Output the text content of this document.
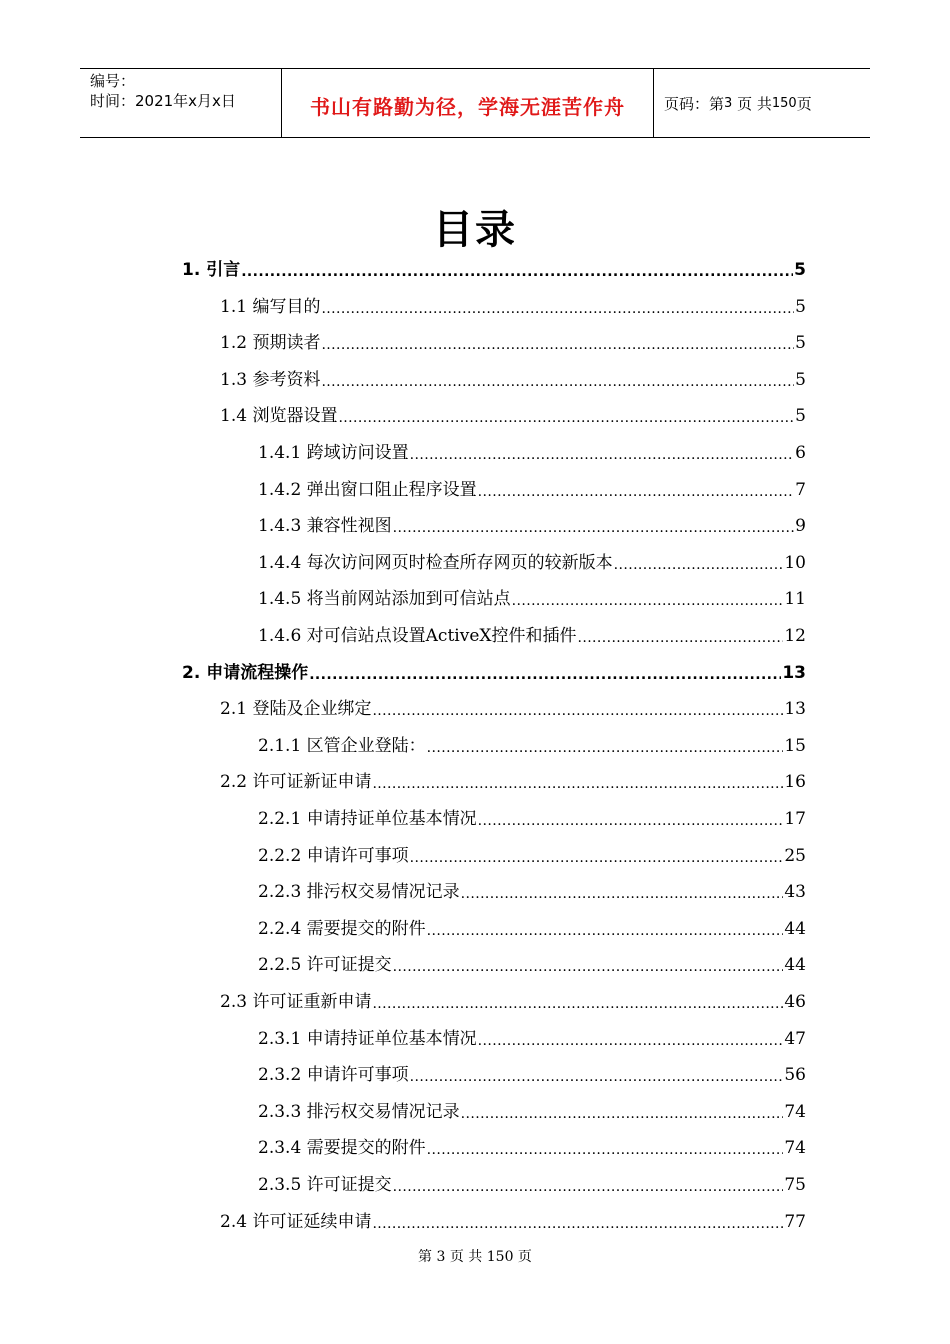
编号：
时间：2021年x月x日	书山有路勤为径，学海无涯苦作舟	页码：第 3
页 共 150 页
目录
1. 引言 .....	5
1.1 编写目的 .....	5
1.2 预期读者 .....	5
1.3 参考资料 .....	5
1.4 浏览器设置 .....	5
1.4.1 跨域访问设置 .....	6
1.4.2 弹出窗口阻止程序设置 .....	7
1.4.3 兼容性视图 .....	9
1.4.4 每次访问网页时检查所存网页的较新版本 .....	10
1.4.5 将当前网站添加到可信站点 .....	11
1.4.6 对可信站点设置ActiveX控件和插件 .....	12
2. 申请流程操作 .....	13
2.1 登陆及企业绑定 .....	13
2.1.1 区管企业登陆： .....	15
2.2 许可证新证申请 .....	16
2.2.1 申请持证单位基本情况 .....	17
2.2.2 申请许可事项 .....	25
2.2.3 排污权交易情况记录 .....	43
2.2.4 需要提交的附件 .....	44
2.2.5 许可证提交 .....	44
2.3 许可证重新申请 .....	46
2.3.1 申请持证单位基本情况 .....	47
2.3.2 申请许可事项 .....	56
2.3.3 排污权交易情况记录 .....	74
2.3.4 需要提交的附件 .....	74
2.3.5 许可证提交 .....	75
2.4 许可证延续申请 .....	77
第 3 页 共 150 页
